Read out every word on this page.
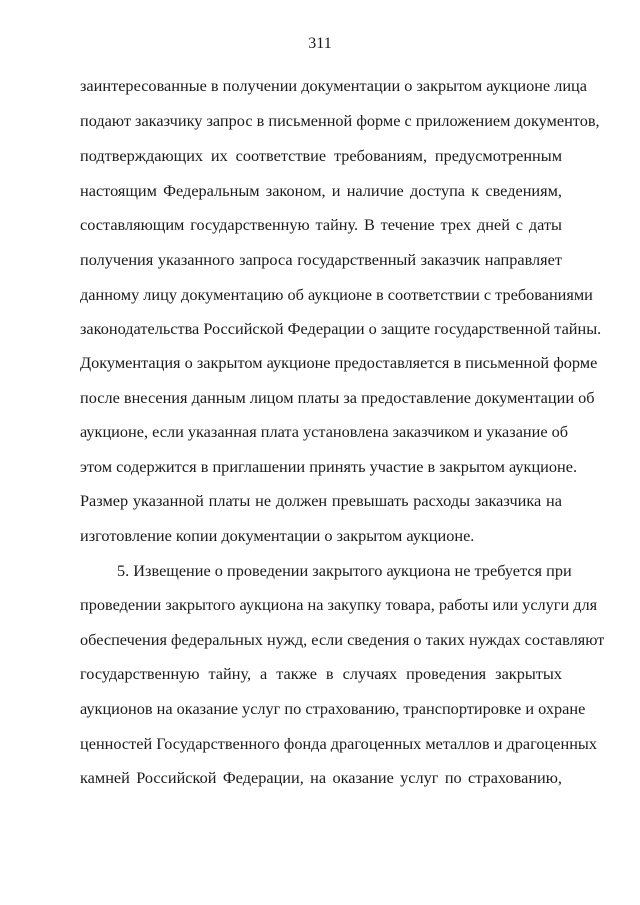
311
заинтересованные в получении документации о закрытом аукционе лица
подают заказчику запрос в письменной форме с приложением документов,
подтверждающих их соответствие требованиям, предусмотренным
настоящим Федеральным законом, и наличие доступа к сведениям,
составляющим государственную тайну. В течение трех дней с даты
получения указанного запроса государственный заказчик направляет
данному лицу документацию об аукционе в соответствии с требованиями
законодательства Российской Федерации о защите государственной тайны.
Документация о закрытом аукционе предоставляется в письменной форме
после внесения данным лицом платы за предоставление документации об
аукционе, если указанная плата установлена заказчиком и указание об
этом содержится в приглашении принять участие в закрытом аукционе.
Размер указанной платы не должен превышать расходы заказчика на
изготовление копии документации о закрытом аукционе.
5. Извещение о проведении закрытого аукциона не требуется при
проведении закрытого аукциона на закупку товара, работы или услуги для
обеспечения федеральных нужд, если сведения о таких нуждах составляют
государственную тайну, а также в случаях проведения закрытых
аукционов на оказание услуг по страхованию, транспортировке и охране
ценностей Государственного фонда драгоценных металлов и драгоценных
камней Российской Федерации, на оказание услуг по страхованию,
